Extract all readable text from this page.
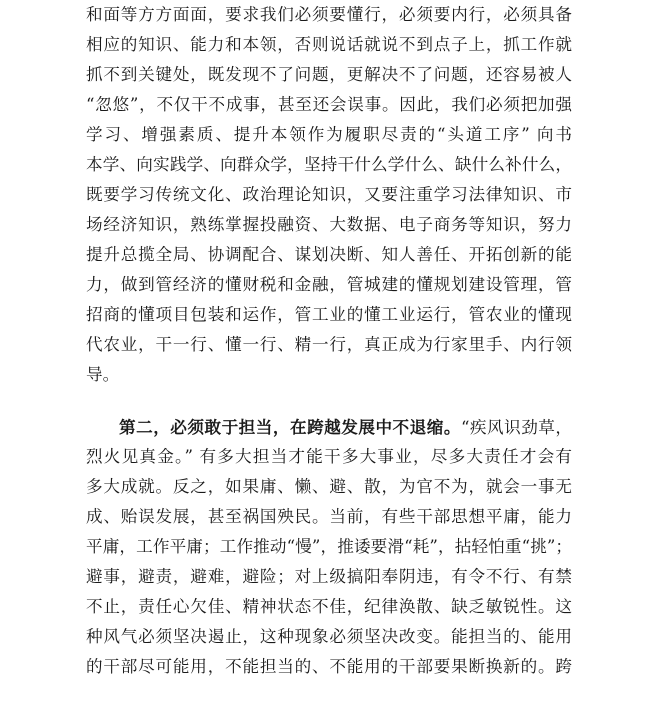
和面等方方面面，要求我们必须要懂行，必须要内行，必须具备
相应的知识、能力和本领，否则说话就说不到点子上，抓工作就
抓不到关键处，既发现不了问题，更解决不了问题，还容易被人
“忽悠”，不仅干不成事，甚至还会误事。因此，我们必须把加强
学习、增强素质、提升本领作为履职尽责的“头道工序” 向书
本学、向实践学、向群众学，坚持干什么学什么、缺什么补什么，
既要学习传统文化、政治理论知识，又要注重学习法律知识、市
场经济知识，熟练掌握投融资、大数据、电子商务等知识，努力
提升总揽全局、协调配合、谋划决断、知人善任、开拓创新的能
力，做到管经济的懂财税和金融，管城建的懂规划建设管理，管
招商的懂项目包装和运作，管工业的懂工业运行，管农业的懂现
代农业，干一行、懂一行、精一行，真正成为行家里手、内行领
导。
第二，必须敢于担当，在跨越发展中不退缩。“疾风识劲草，
烈火见真金。” 有多大担当才能干多大事业，尽多大责任才会有
多大成就。反之，如果庸、懒、避、散，为官不为，就会一事无
成、贻误发展，甚至祸国殃民。当前，有些干部思想平庸，能力
平庸，工作平庸；工作推动“慢”，推诿要滑“耗”，拈轻怕重“挑”；
避事，避责，避难，避险；对上级搞阳奉阴违，有令不行、有禁
不止，责任心欠佳、精神状态不佳，纪律涣散、缺乏敏锐性。这
种风气必须坚决遏止，这种现象必须坚决改变。能担当的、能用
的干部尽可能用，不能担当的、不能用的干部要果断换新的。跨
